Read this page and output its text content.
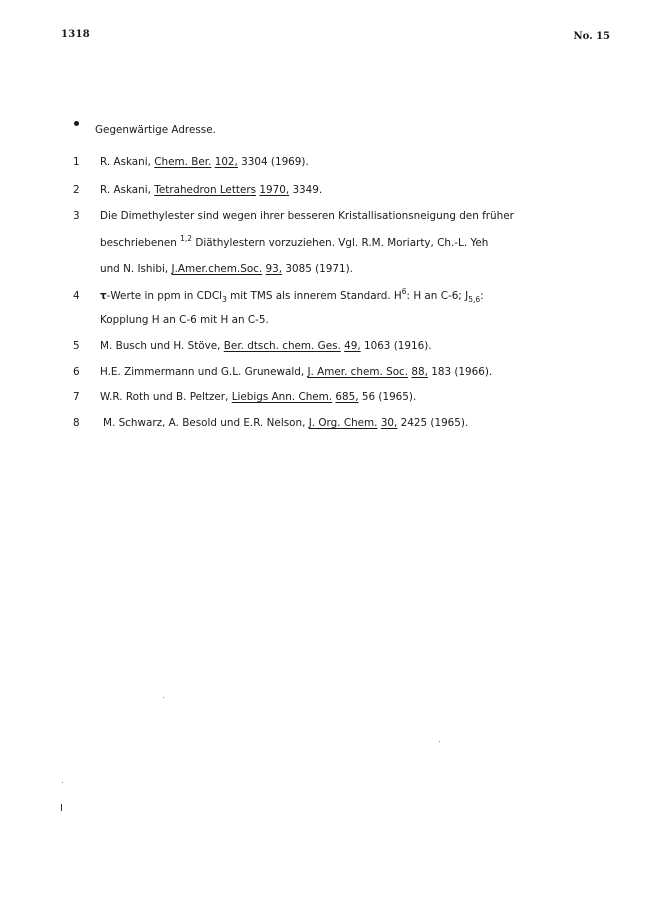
1318	No. 15
Gegenwärtige Adresse.
1	R. Askani, Chem. Ber. 102, 3304 (1969).
2	R. Askani, Tetrahedron Letters 1970, 3349.
3	Die Dimethylester sind wegen ihrer besseren Kristallisationsneigung den früher
beschriebenen $^{1,2}$ Diäthylestern vorzuziehen. Vgl. R.M. Moriarty, Ch.-L. Yeh
und N. Ishibi, J.Amer.chem.Soc. 93, 3085 (1971).
4	τ-Werte in ppm in CDCl$_3$ mit TMS als innerem Standard. $H^6$: H an C-6; $J_{5,6}$:
Kopplung H an C-6 mit H an C-5.
5	M. Busch und H. Stöve, Ber. dtsch. chem. Ges. 49, 1063 (1916).
6	H.E. Zimmermann und G.L. Grunewald, J. Amer. chem. Soc. 88, 183 (1966).
7	W.R. Roth und B. Peltzer, Liebigs Ann. Chem. 685, 56 (1965).
8	M. Schwarz, A. Besold und E.R. Nelson, J. Org. Chem. 30, 2425 (1965).
